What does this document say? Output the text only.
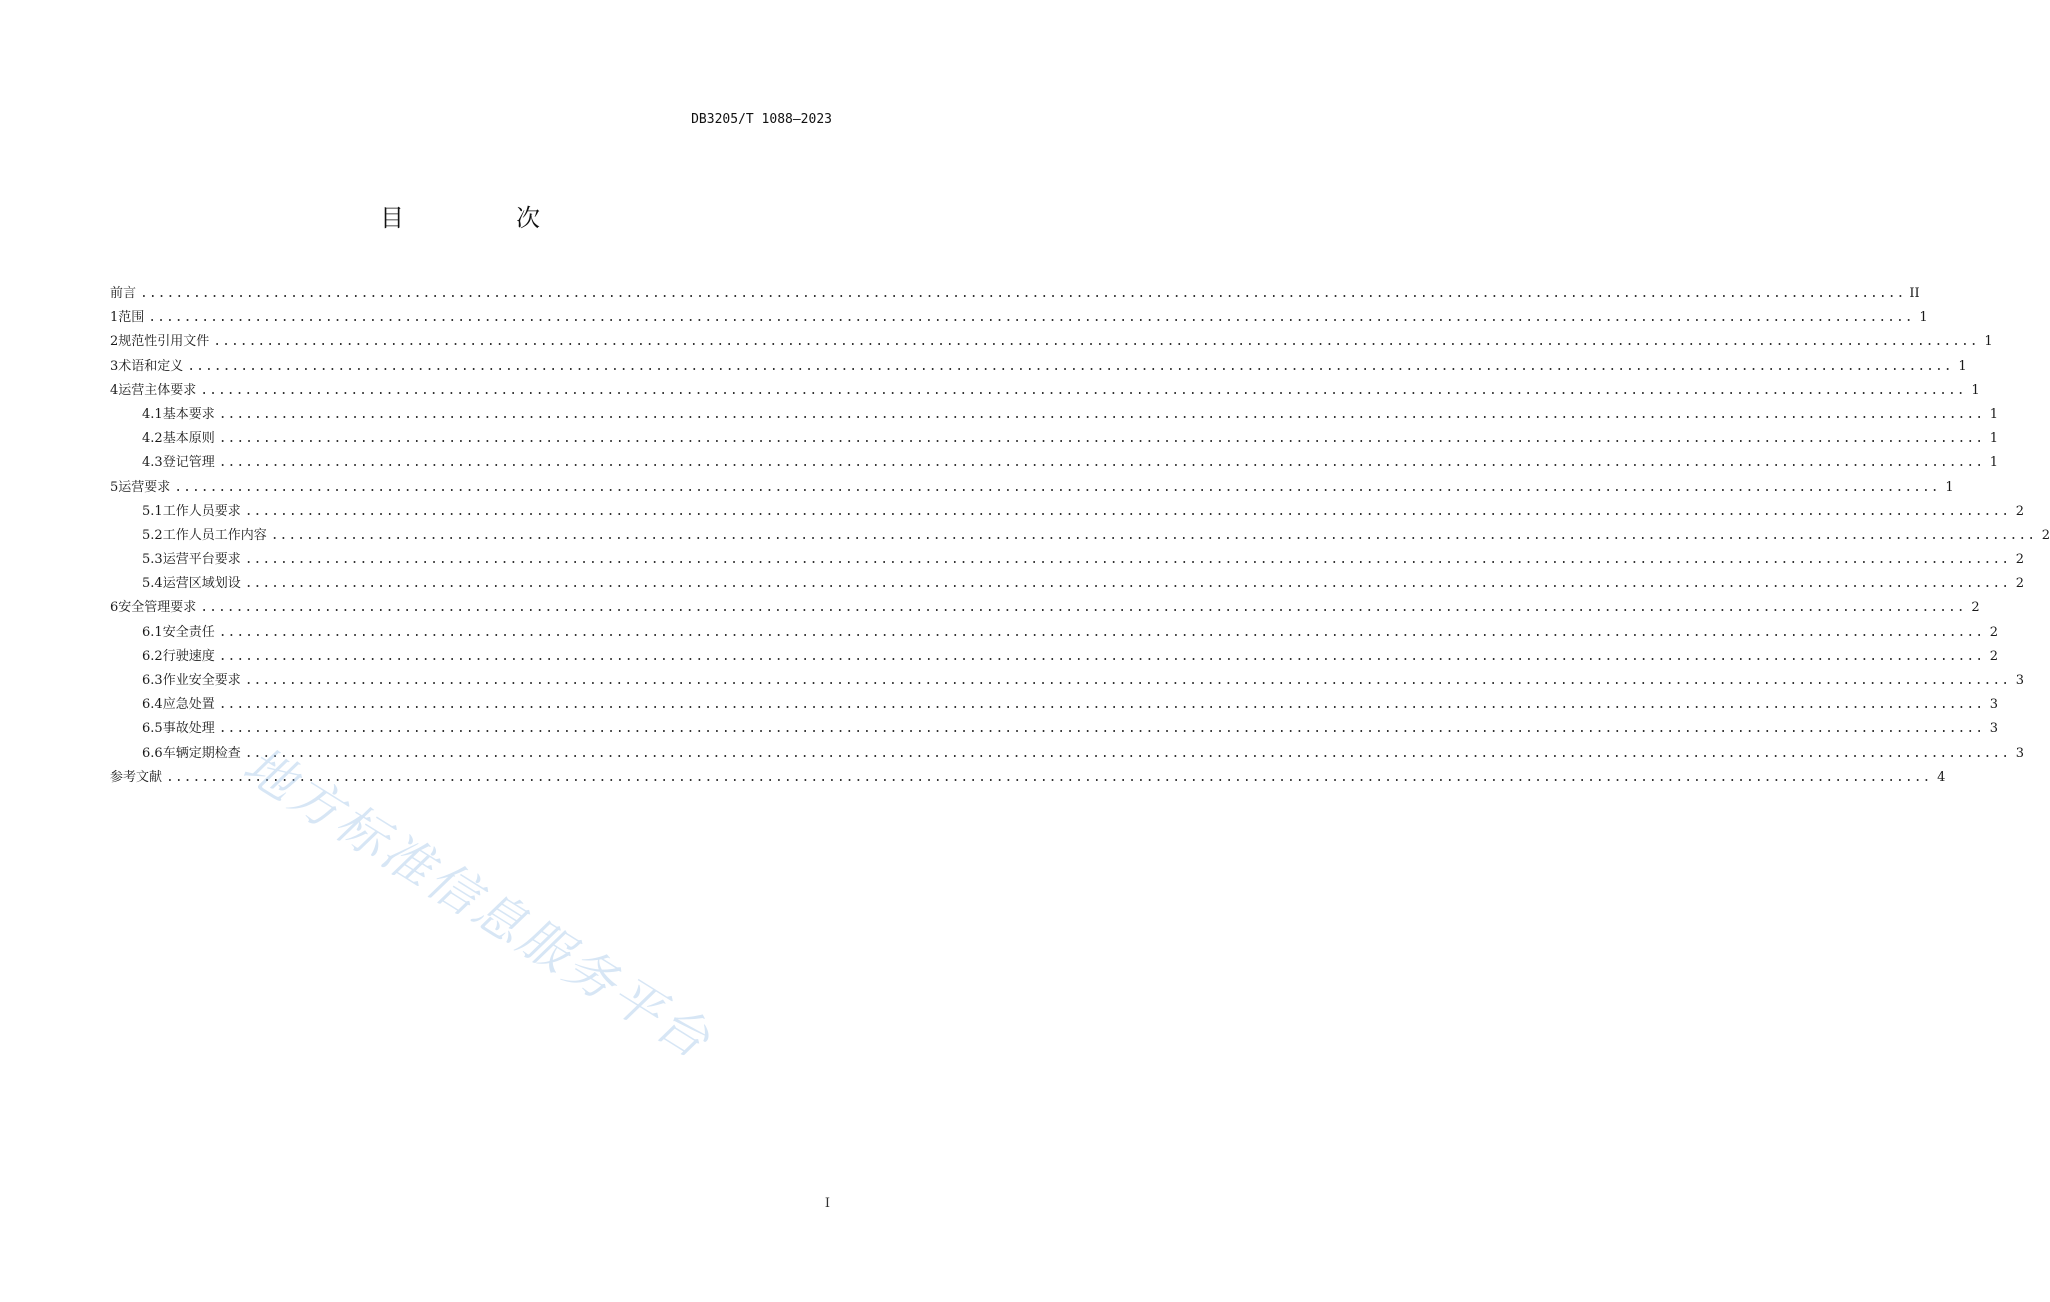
DB3205/T 1088—2023
目　次
前言 ........................................................................................................................................................................................................ II
1 范围 ........................................................................................................................................................................................................ 1
2 规范性引用文件 ........................................................................................................................................................................................................ 1
3 术语和定义 ........................................................................................................................................................................................................ 1
4 运营主体要求 ........................................................................................................................................................................................................ 1
4.1 基本要求 ........................................................................................................................................................................................................ 1
4.2 基本原则 ........................................................................................................................................................................................................ 1
4.3 登记管理 ........................................................................................................................................................................................................ 1
5 运营要求 ........................................................................................................................................................................................................ 1
5.1 工作人员要求 ........................................................................................................................................................................................................ 2
5.2 工作人员工作内容 ........................................................................................................................................................................................................ 2
5.3 运营平台要求 ........................................................................................................................................................................................................ 2
5.4 运营区域划设 ........................................................................................................................................................................................................ 2
6 安全管理要求 ........................................................................................................................................................................................................ 2
6.1 安全责任 ........................................................................................................................................................................................................ 2
6.2 行驶速度 ........................................................................................................................................................................................................ 2
6.3 作业安全要求 ........................................................................................................................................................................................................ 3
6.4 应急处置 ........................................................................................................................................................................................................ 3
6.5 事故处理 ........................................................................................................................................................................................................ 3
6.6 车辆定期检查 ........................................................................................................................................................................................................ 3
参考文献 ........................................................................................................................................................................................................ 4
地方标准信息服务平台
I
